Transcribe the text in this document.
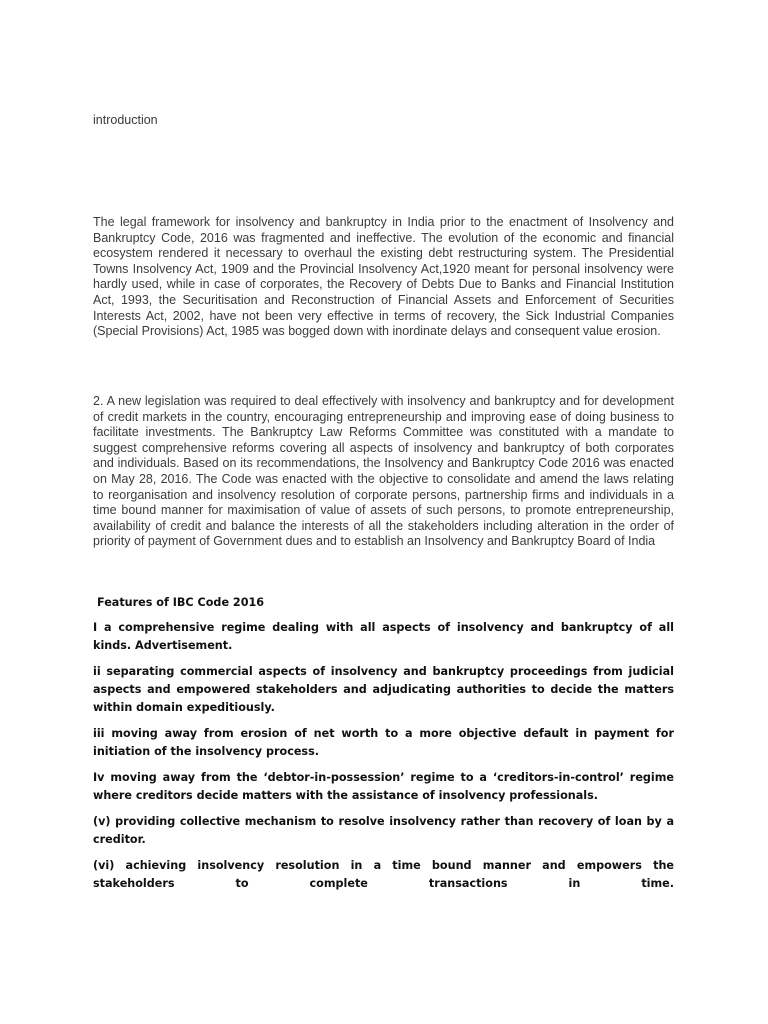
introduction

The legal framework for insolvency and bankruptcy in India prior to the enactment of Insolvency and Bankruptcy Code, 2016 was fragmented and ineffective. The evolution of the economic and financial ecosystem rendered it necessary to overhaul the existing debt restructuring system. The Presidential Towns Insolvency Act, 1909 and the Provincial Insolvency Act,1920 meant for personal insolvency were hardly used, while in case of corporates, the Recovery of Debts Due to Banks and Financial Institution Act, 1993, the Securitisation and Reconstruction of Financial Assets and Enforcement of Securities Interests Act, 2002, have not been very effective in terms of recovery, the Sick Industrial Companies (Special Provisions) Act, 1985 was bogged down with inordinate delays and consequent value erosion.

2. A new legislation was required to deal effectively with insolvency and bankruptcy and for development of credit markets in the country, encouraging entrepreneurship and improving ease of doing business to facilitate investments. The Bankruptcy Law Reforms Committee was constituted with a mandate to suggest comprehensive reforms covering all aspects of insolvency and bankruptcy of both corporates and individuals. Based on its recommendations, the Insolvency and Bankruptcy Code 2016 was enacted on May 28, 2016. The Code was enacted with the objective to consolidate and amend the laws relating to reorganisation and insolvency resolution of corporate persons, partnership firms and individuals in a time bound manner for maximisation of value of assets of such persons, to promote entrepreneurship, availability of credit and balance the interests of all the stakeholders including alteration in the order of priority of payment of Government dues and to establish an Insolvency and Bankruptcy Board of India

Features of IBC Code 2016
I a comprehensive regime dealing with all aspects of insolvency and bankruptcy of all kinds. Advertisement.
ii separating commercial aspects of insolvency and bankruptcy proceedings from judicial aspects and empowered stakeholders and adjudicating authorities to decide the matters within domain expeditiously.
iii moving away from erosion of net worth to a more objective default in payment for initiation of the insolvency process.
Iv moving away from the ‘debtor-in-possession’ regime to a ‘creditors-in-control’ regime where creditors decide matters with the assistance of insolvency professionals.
(v) providing collective mechanism to resolve insolvency rather than recovery of loan by a creditor.
(vi) achieving insolvency resolution in a time bound manner and empowers the stakeholders to complete transactions in time.
